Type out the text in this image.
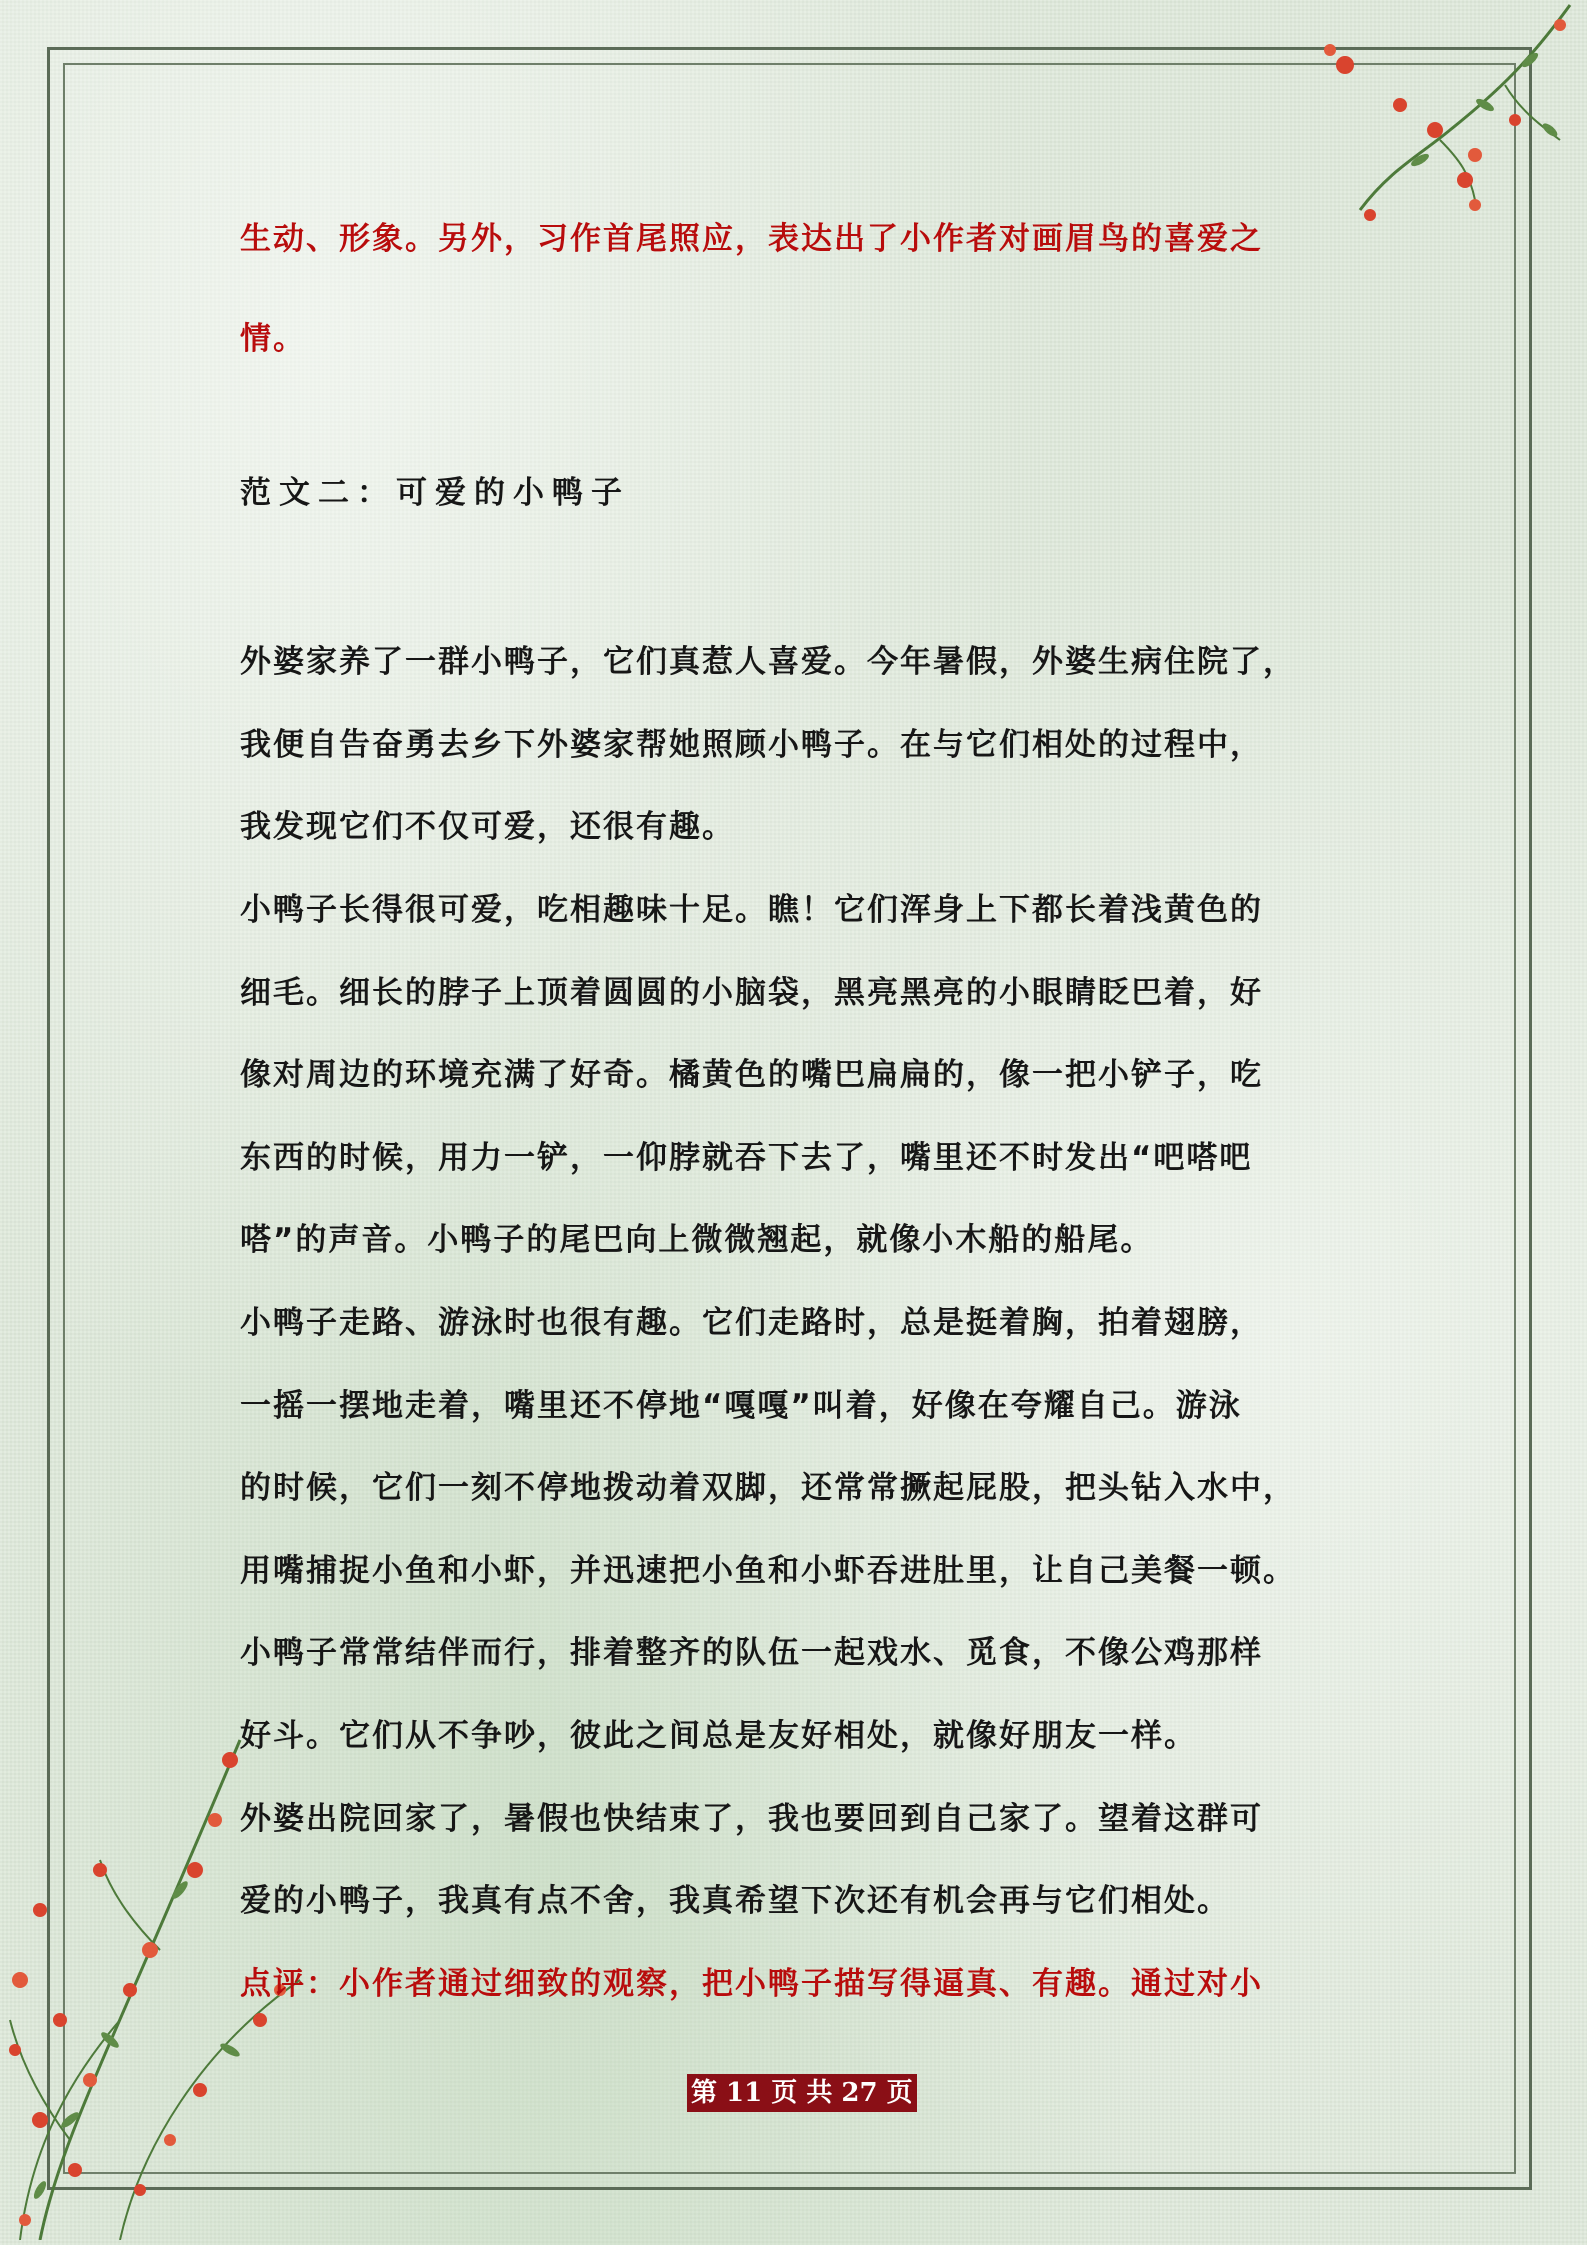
生动、形象。另外，习作首尾照应，表达出了小作者对画眉鸟的喜爱之
情。
范文二：可爱的小鸭子
外婆家养了一群小鸭子，它们真惹人喜爱。今年暑假，外婆生病住院了，
我便自告奋勇去乡下外婆家帮她照顾小鸭子。在与它们相处的过程中，
我发现它们不仅可爱，还很有趣。
小鸭子长得很可爱，吃相趣味十足。瞧！它们浑身上下都长着浅黄色的
细毛。细长的脖子上顶着圆圆的小脑袋，黑亮黑亮的小眼睛眨巴着，好
像对周边的环境充满了好奇。橘黄色的嘴巴扁扁的，像一把小铲子，吃
东西的时候，用力一铲，一仰脖就吞下去了，嘴里还不时发出“吧嗒吧
嗒”的声音。小鸭子的尾巴向上微微翘起，就像小木船的船尾。
小鸭子走路、游泳时也很有趣。它们走路时，总是挺着胸，拍着翅膀，
一摇一摆地走着，嘴里还不停地“嘎嘎”叫着，好像在夸耀自己。游泳
的时候，它们一刻不停地拨动着双脚，还常常撅起屁股，把头钻入水中，
用嘴捕捉小鱼和小虾，并迅速把小鱼和小虾吞进肚里，让自己美餐一顿。
小鸭子常常结伴而行，排着整齐的队伍一起戏水、觅食，不像公鸡那样
好斗。它们从不争吵，彼此之间总是友好相处，就像好朋友一样。
外婆出院回家了，暑假也快结束了，我也要回到自己家了。望着这群可
爱的小鸭子，我真有点不舍，我真希望下次还有机会再与它们相处。
点评：小作者通过细致的观察，把小鸭子描写得逼真、有趣。通过对小
第 11 页 共 27 页
